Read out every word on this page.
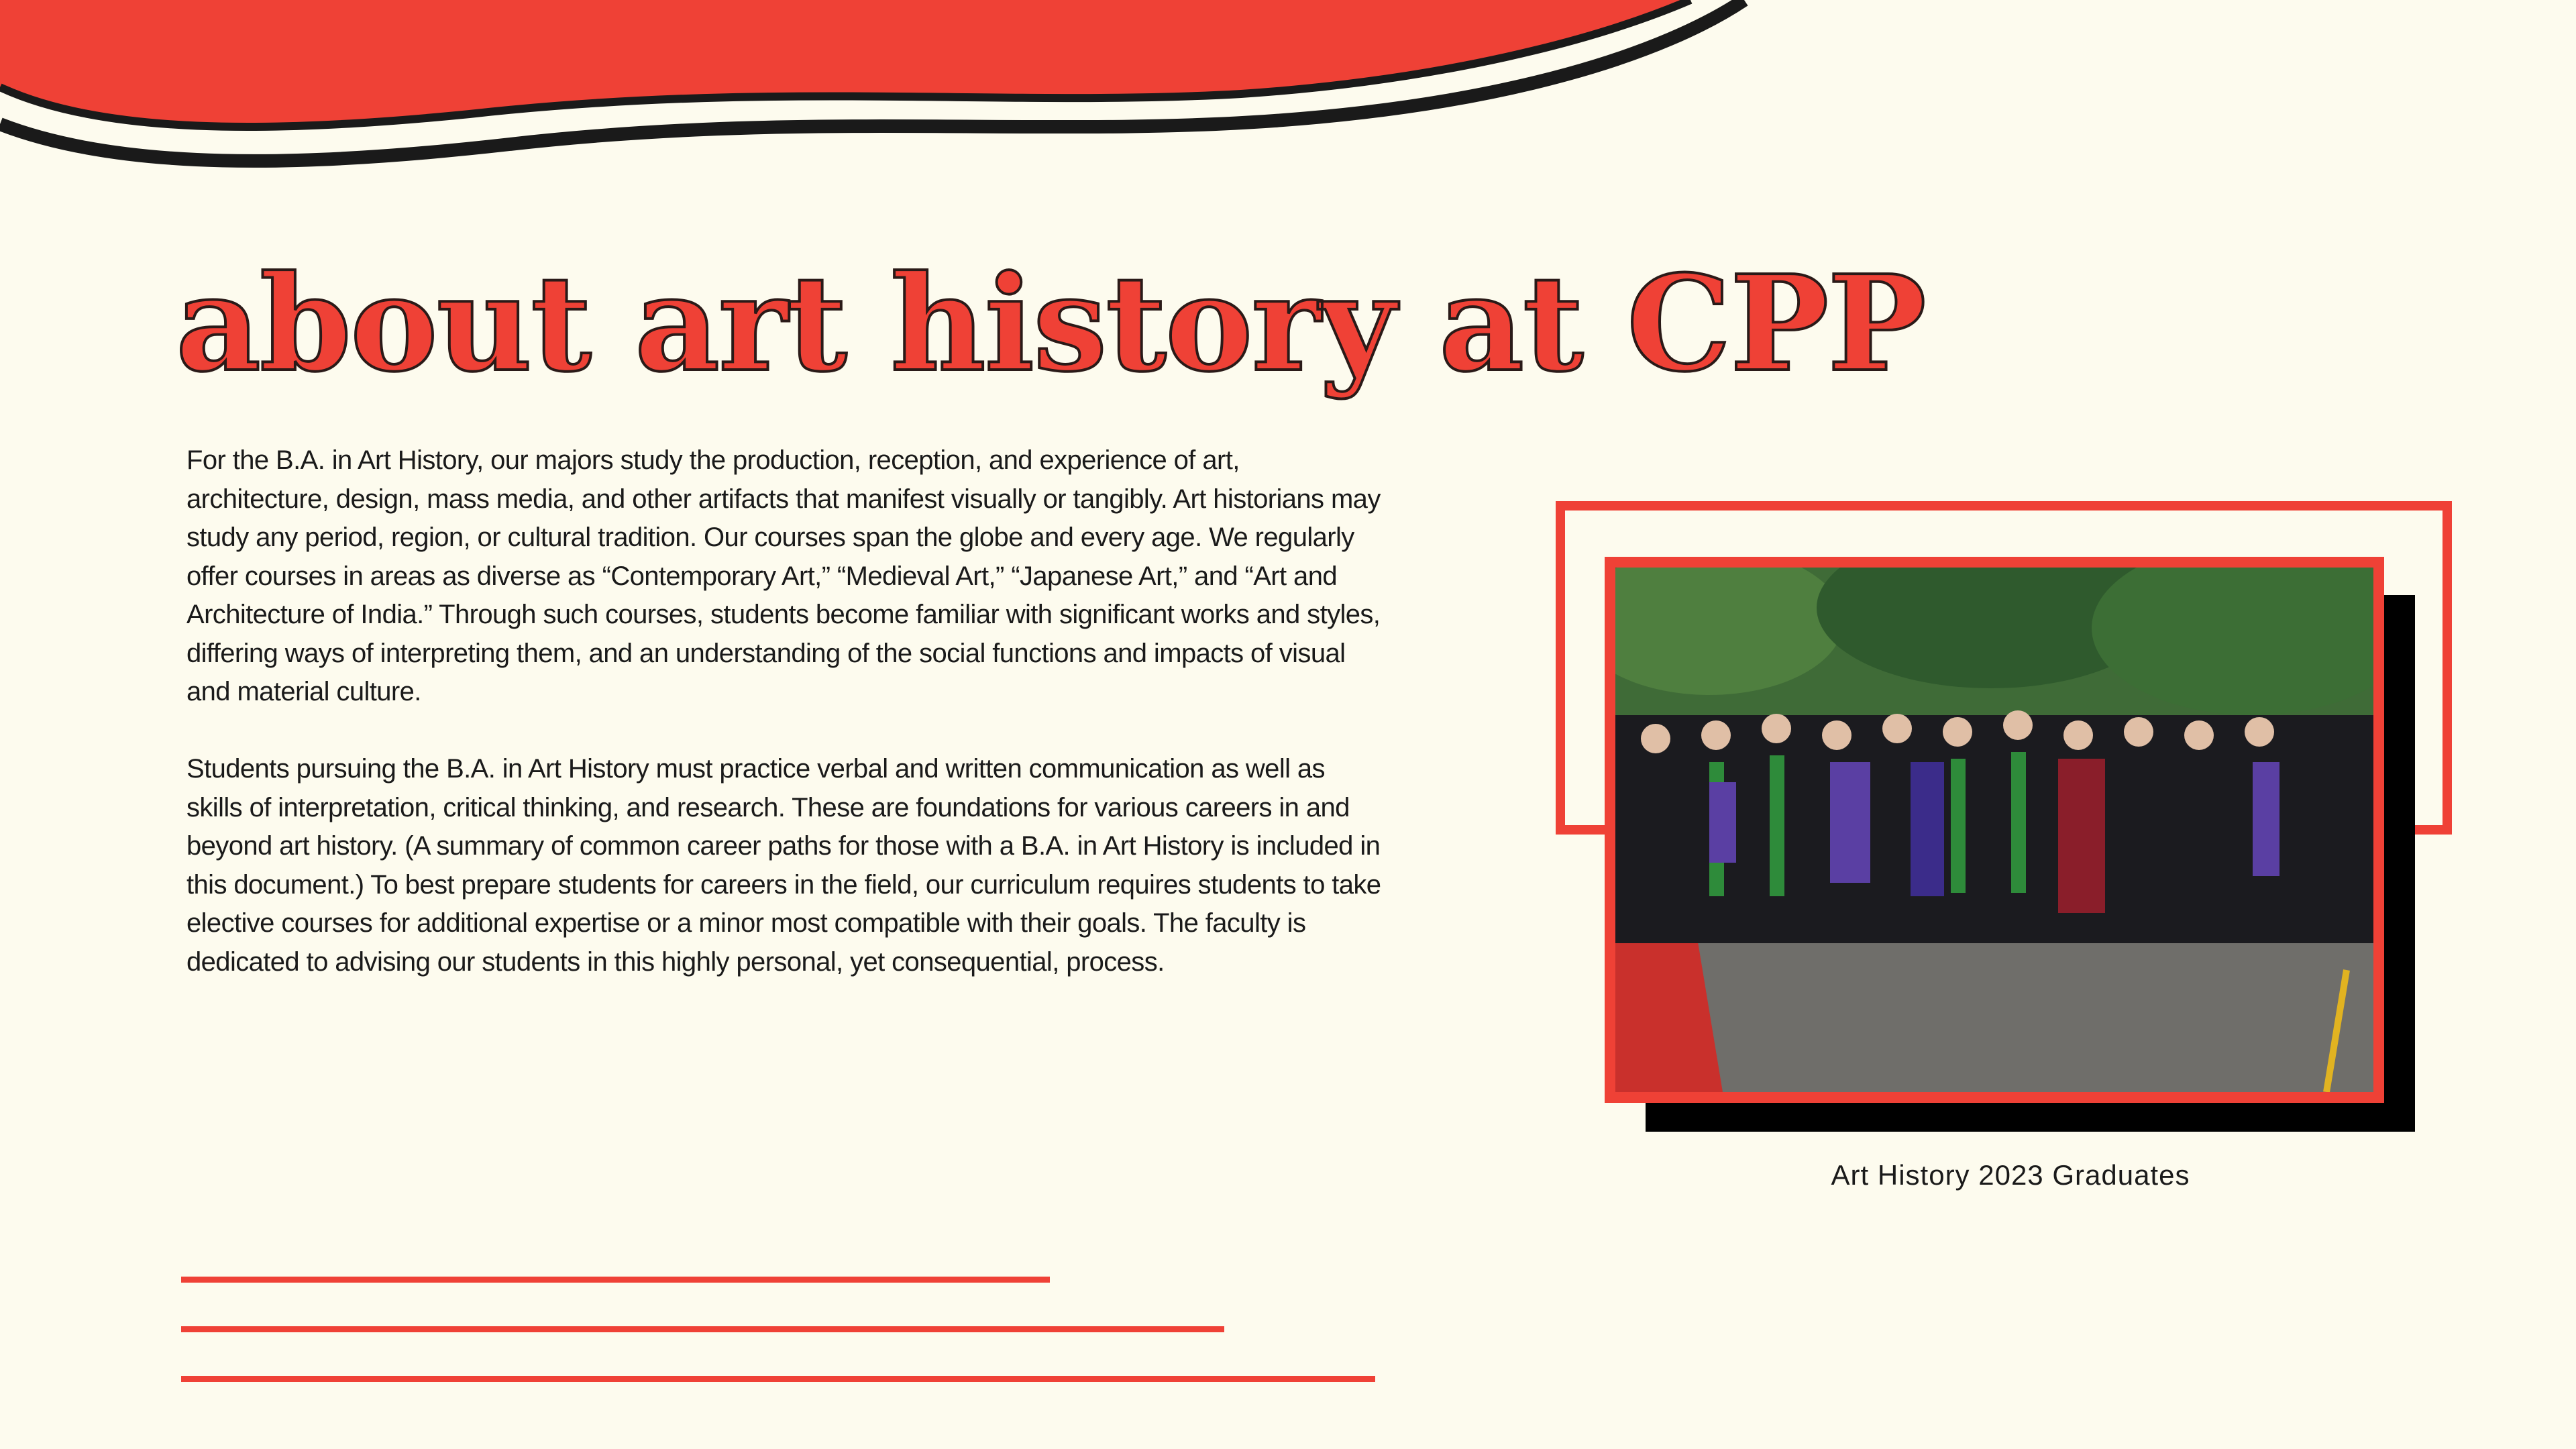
about art history at CPP

For the B.A. in Art History, our majors study the production, reception, and experience of art, architecture, design, mass media, and other artifacts that manifest visually or tangibly. Art historians may study any period, region, or cultural tradition. Our courses span the globe and every age. We regularly offer courses in areas as diverse as “Contemporary Art,” “Medieval Art,” “Japanese Art,” and “Art and Architecture of India.” Through such courses, students become familiar with significant works and styles, differing ways of interpreting them, and an understanding of the social functions and impacts of visual and material culture.

Students pursuing the B.A. in Art History must practice verbal and written communication as well as skills of interpretation, critical thinking, and research. These are foundations for various careers in and beyond art history. (A summary of common career paths for those with a B.A. in Art History is included in this document.) To best prepare students for careers in the field, our curriculum requires students to take elective courses for additional expertise or a minor most compatible with their goals. The faculty is dedicated to advising our students in this highly personal, yet consequential, process.

Art History 2023 Graduates
